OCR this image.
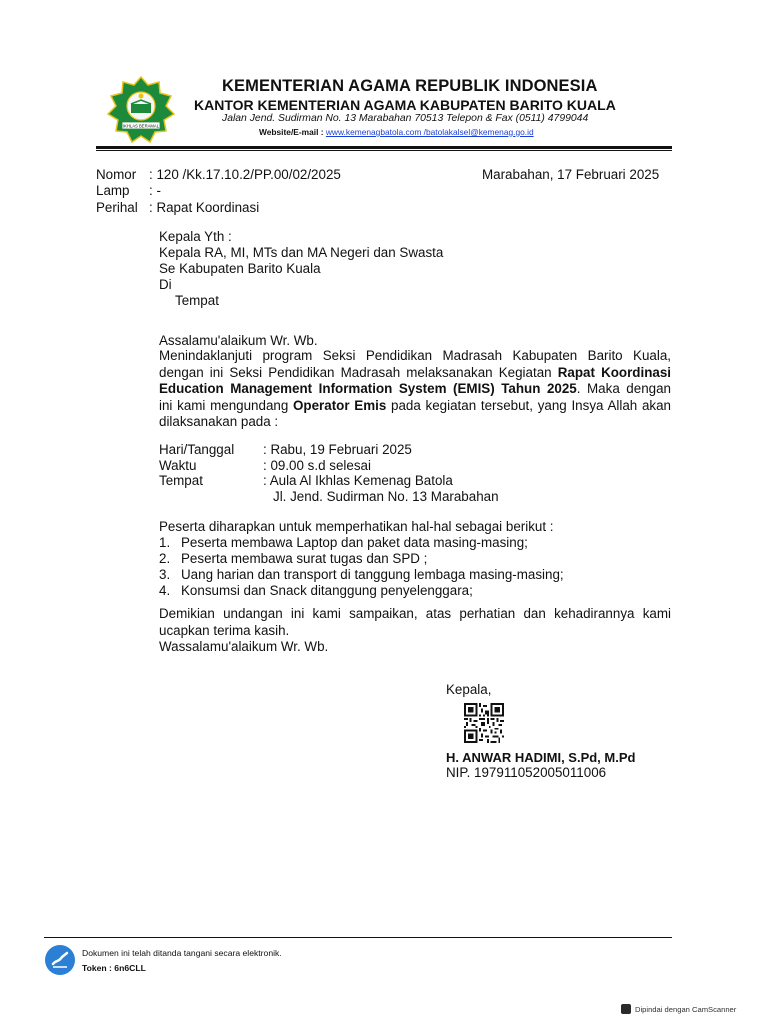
IKHLAS BERAMAL
KEMENTERIAN AGAMA REPUBLIK INDONESIA
KANTOR KEMENTERIAN AGAMA KABUPATEN BARITO KUALA
Jalan Jend. Sudirman No. 13 Marabahan 70513 Telepon & Fax (0511) 4799044
Website/E-mail : www.kemenagbatola.com /batolakalsel@kemenag.go.id
Nomor : 120 /Kk.17.10.2/PP.00/02/2025	Marabahan, 17 Februari 2025
Lamp : -
Perihal : Rapat Koordinasi
Kepala Yth :
Kepala RA, MI, MTs dan MA Negeri dan Swasta
Se Kabupaten Barito Kuala
Di
Tempat
Assalamu'alaikum Wr. Wb.
Menindaklanjuti program Seksi Pendidikan Madrasah Kabupaten Barito Kuala,
dengan ini Seksi Pendidikan Madrasah melaksanakan Kegiatan Rapat Koordinasi
Education Management Information System (EMIS) Tahun 2025. Maka dengan
ini kami mengundang Operator Emis pada kegiatan tersebut, yang Insya Allah akan
dilaksanakan pada :
Hari/Tanggal : Rabu, 19 Februari 2025
Waktu	: 09.00 s.d selesai
Tempat	: Aula Al Ikhlas Kemenag Batola
Jl. Jend. Sudirman No. 13 Marabahan
Peserta diharapkan untuk memperhatikan hal-hal sebagai berikut :
1. Peserta membawa Laptop dan paket data masing-masing;
2. Peserta membawa surat tugas dan SPD ;
3. Uang harian dan transport di tanggung lembaga masing-masing;
4. Konsumsi dan Snack ditanggung penyelenggara;
Demikian undangan ini kami sampaikan, atas perhatian dan kehadirannya kami
ucapkan terima kasih.
Wassalamu'alaikum Wr. Wb.
Kepala,
H. ANWAR HADIMI, S.Pd, M.Pd
NIP. 197911052005011006
Dokumen ini telah ditanda tangani secara elektronik.
Token : 6n6CLL
Dipindai dengan CamScanner
